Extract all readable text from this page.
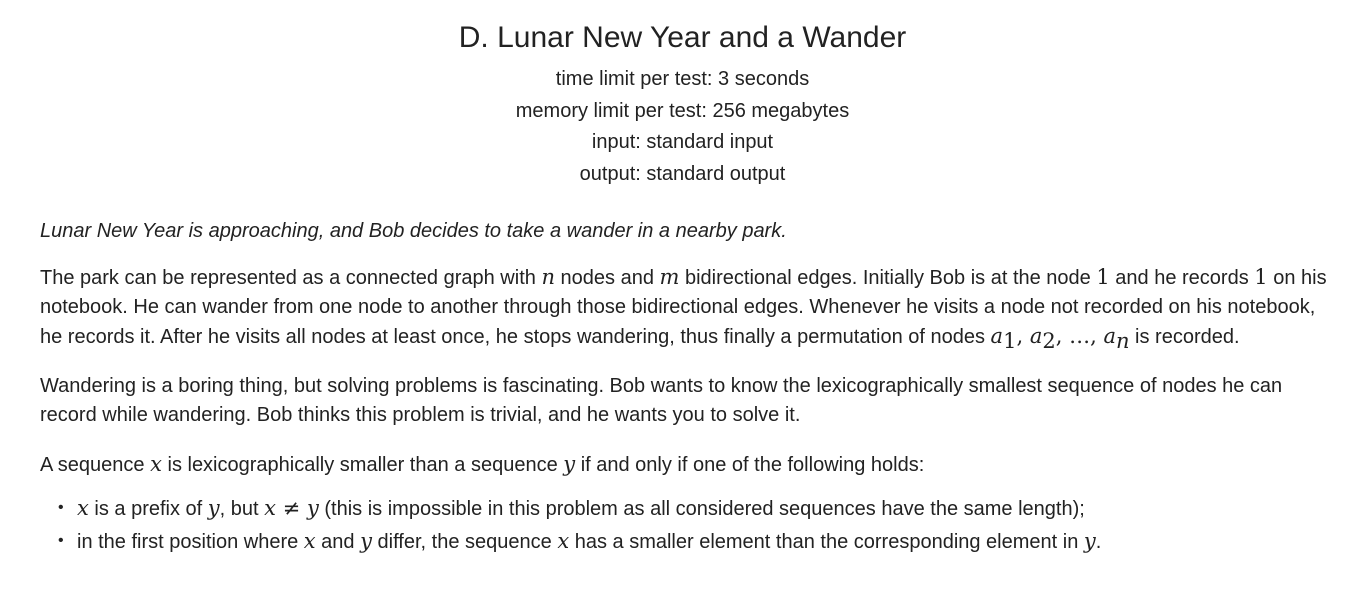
D. Lunar New Year and a Wander
time limit per test: 3 seconds
memory limit per test: 256 megabytes
input: standard input
output: standard output
Lunar New Year is approaching, and Bob decides to take a wander in a nearby park.
The park can be represented as a connected graph with n nodes and m bidirectional edges. Initially Bob is at the node 1 and he records 1 on his notebook. He can wander from one node to another through those bidirectional edges. Whenever he visits a node not recorded on his notebook, he records it. After he visits all nodes at least once, he stops wandering, thus finally a permutation of nodes $a_1$, $a_2$, …, $a_n$ is recorded.
Wandering is a boring thing, but solving problems is fascinating. Bob wants to know the lexicographically smallest sequence of nodes he can record while wandering. Bob thinks this problem is trivial, and he wants you to solve it.
A sequence x is lexicographically smaller than a sequence y if and only if one of the following holds:
• x is a prefix of y, but x ≠ y (this is impossible in this problem as all considered sequences have the same length);
• in the first position where x and y differ, the sequence x has a smaller element than the corresponding element in y.
